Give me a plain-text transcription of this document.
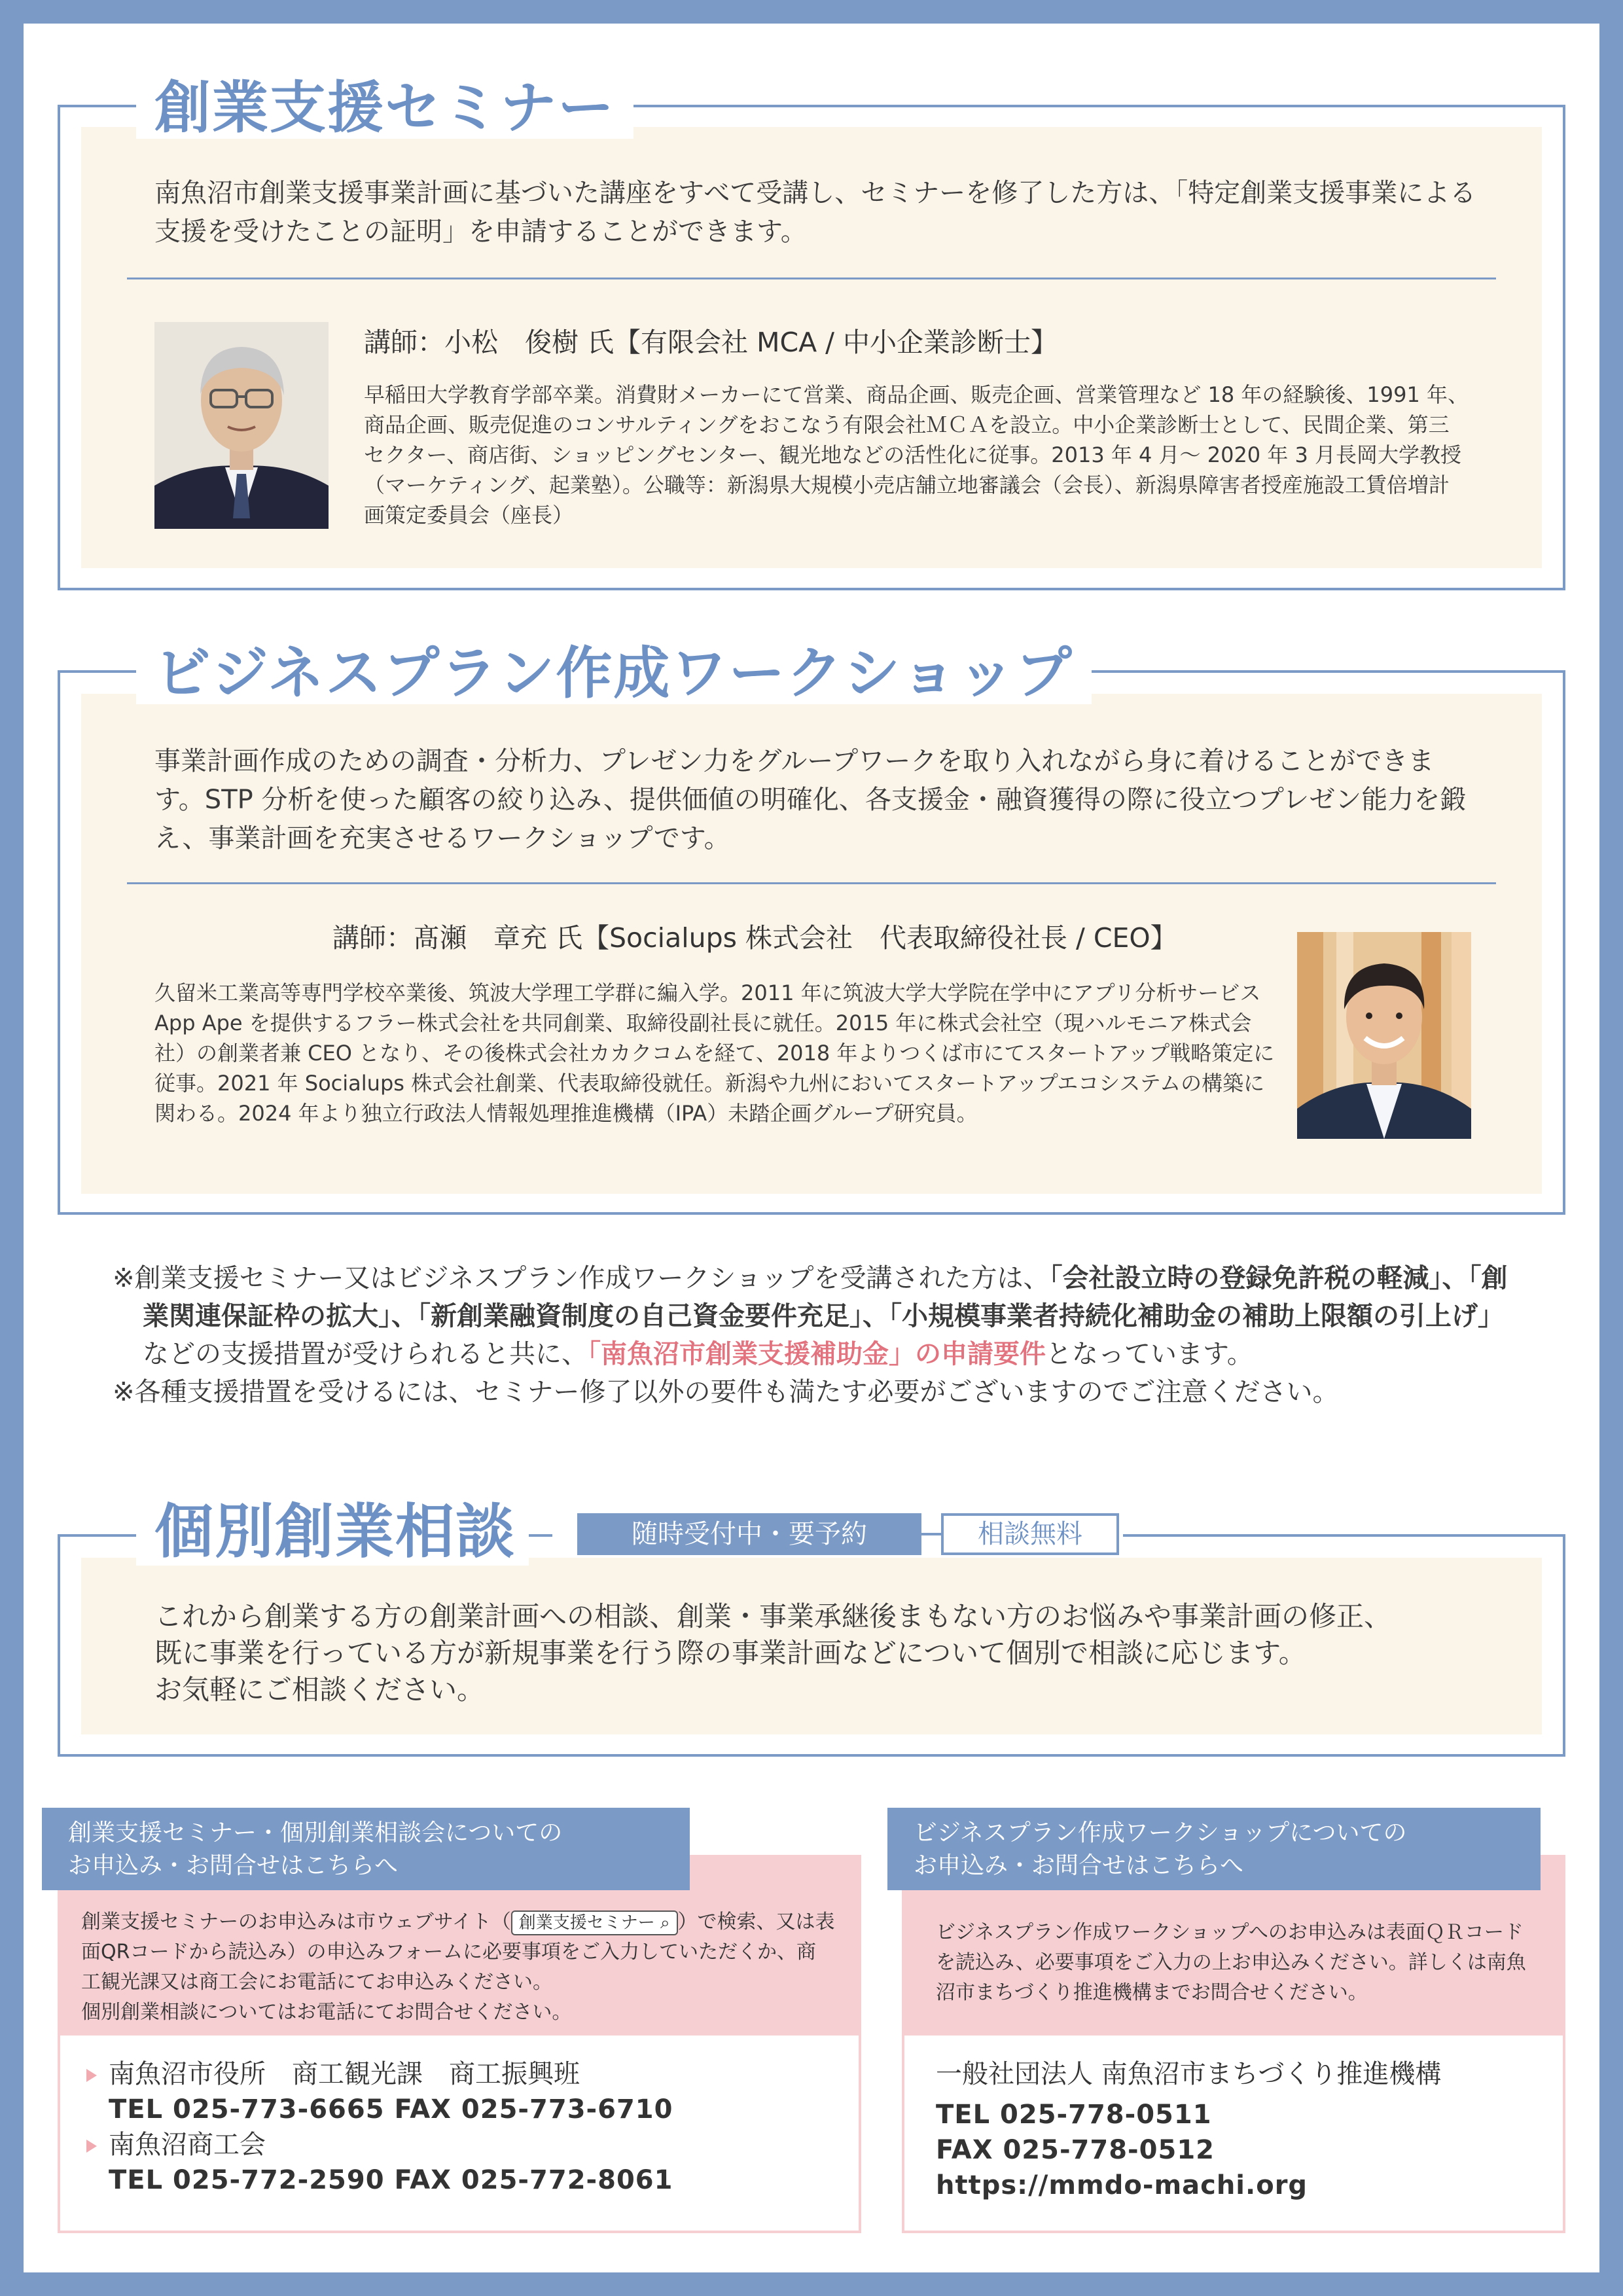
創業支援セミナー
南魚沼市創業支援事業計画に基づいた講座をすべて受講し、セミナーを修了した方は、「特定創業支援事業による支援を受けたことの証明」を申請することができます。
講師：小松　俊樹 氏【有限会社 MCA / 中小企業診断士】
早稲田大学教育学部卒業。消費財メーカーにて営業、商品企画、販売企画、営業管理など 18 年の経験後、1991 年、商品企画、販売促進のコンサルティングをおこなう有限会社ＭＣＡを設立。中小企業診断士として、民間企業、第三セクター、商店街、ショッピングセンター、観光地などの活性化に従事。2013 年 4 月～ 2020 年 3 月長岡大学教授（マーケティング、起業塾）。公職等：新潟県大規模小売店舗立地審議会（会長）、新潟県障害者授産施設工賃倍増計画策定委員会（座長）
ビジネスプラン作成ワークショップ
事業計画作成のための調査・分析力、プレゼン力をグループワークを取り入れながら身に着けることができます。STP 分析を使った顧客の絞り込み、提供価値の明確化、各支援金・融資獲得の際に役立つプレゼン能力を鍛え、事業計画を充実させるワークショップです。
講師：髙瀬　章充 氏【Socialups 株式会社　代表取締役社長 / CEO】
久留米工業高等専門学校卒業後、筑波大学理工学群に編入学。2011 年に筑波大学大学院在学中にアプリ分析サービス App Ape を提供するフラー株式会社を共同創業、取締役副社長に就任。2015 年に株式会社空（現ハルモニア株式会社）の創業者兼 CEO となり、その後株式会社カカクコムを経て、2018 年よりつくば市にてスタートアップ戦略策定に従事。2021 年 Socialups 株式会社創業、代表取締役就任。新潟や九州においてスタートアップエコシステムの構築に関わる。2024 年より独立行政法人情報処理推進機構（IPA）未踏企画グループ研究員。
※創業支援セミナー又はビジネスプラン作成ワークショップを受講された方は、「会社設立時の登録免許税の軽減」、「創業関連保証枠の拡大」、「新創業融資制度の自己資金要件充足」、「小規模事業者持続化補助金の補助上限額の引上げ」などの支援措置が受けられると共に、「南魚沼市創業支援補助金」の申請要件となっています。
※各種支援措置を受けるには、セミナー修了以外の要件も満たす必要がございますのでご注意ください。
個別創業相談	随時受付中・要予約	相談無料
これから創業する方の創業計画への相談、創業・事業承継後まもない方のお悩みや事業計画の修正、
既に事業を行っている方が新規事業を行う際の事業計画などについて個別で相談に応じます。
お気軽にご相談ください。
創業支援セミナーのお申込みは市ウェブサイト（ 創業支援セミナー ⌕ ）で検索、又は表面QRコードから読込み）の申込みフォームに必要事項をご入力していただくか、商工観光課又は商工会にお電話にてお申込みください。
個別創業相談についてはお電話にてお問合せください。
創業支援セミナー・個別創業相談会についての
お申込み・お問合せはこちらへ
南魚沼市役所　商工観光課　商工振興班
TEL 025-773-6665 FAX 025-773-6710
南魚沼商工会
TEL 025-772-2590 FAX 025-772-8061
ビジネスプラン作成ワークショップへのお申込みは表面ＱＲコードを読込み、必要事項をご入力の上お申込みください。詳しくは南魚沼市まちづくり推進機構までお問合せください。
ビジネスプラン作成ワークショップについての
お申込み・お問合せはこちらへ
一般社団法人 南魚沼市まちづくり推進機構
TEL 025-778-0511
FAX 025-778-0512
https://mmdo-machi.org
